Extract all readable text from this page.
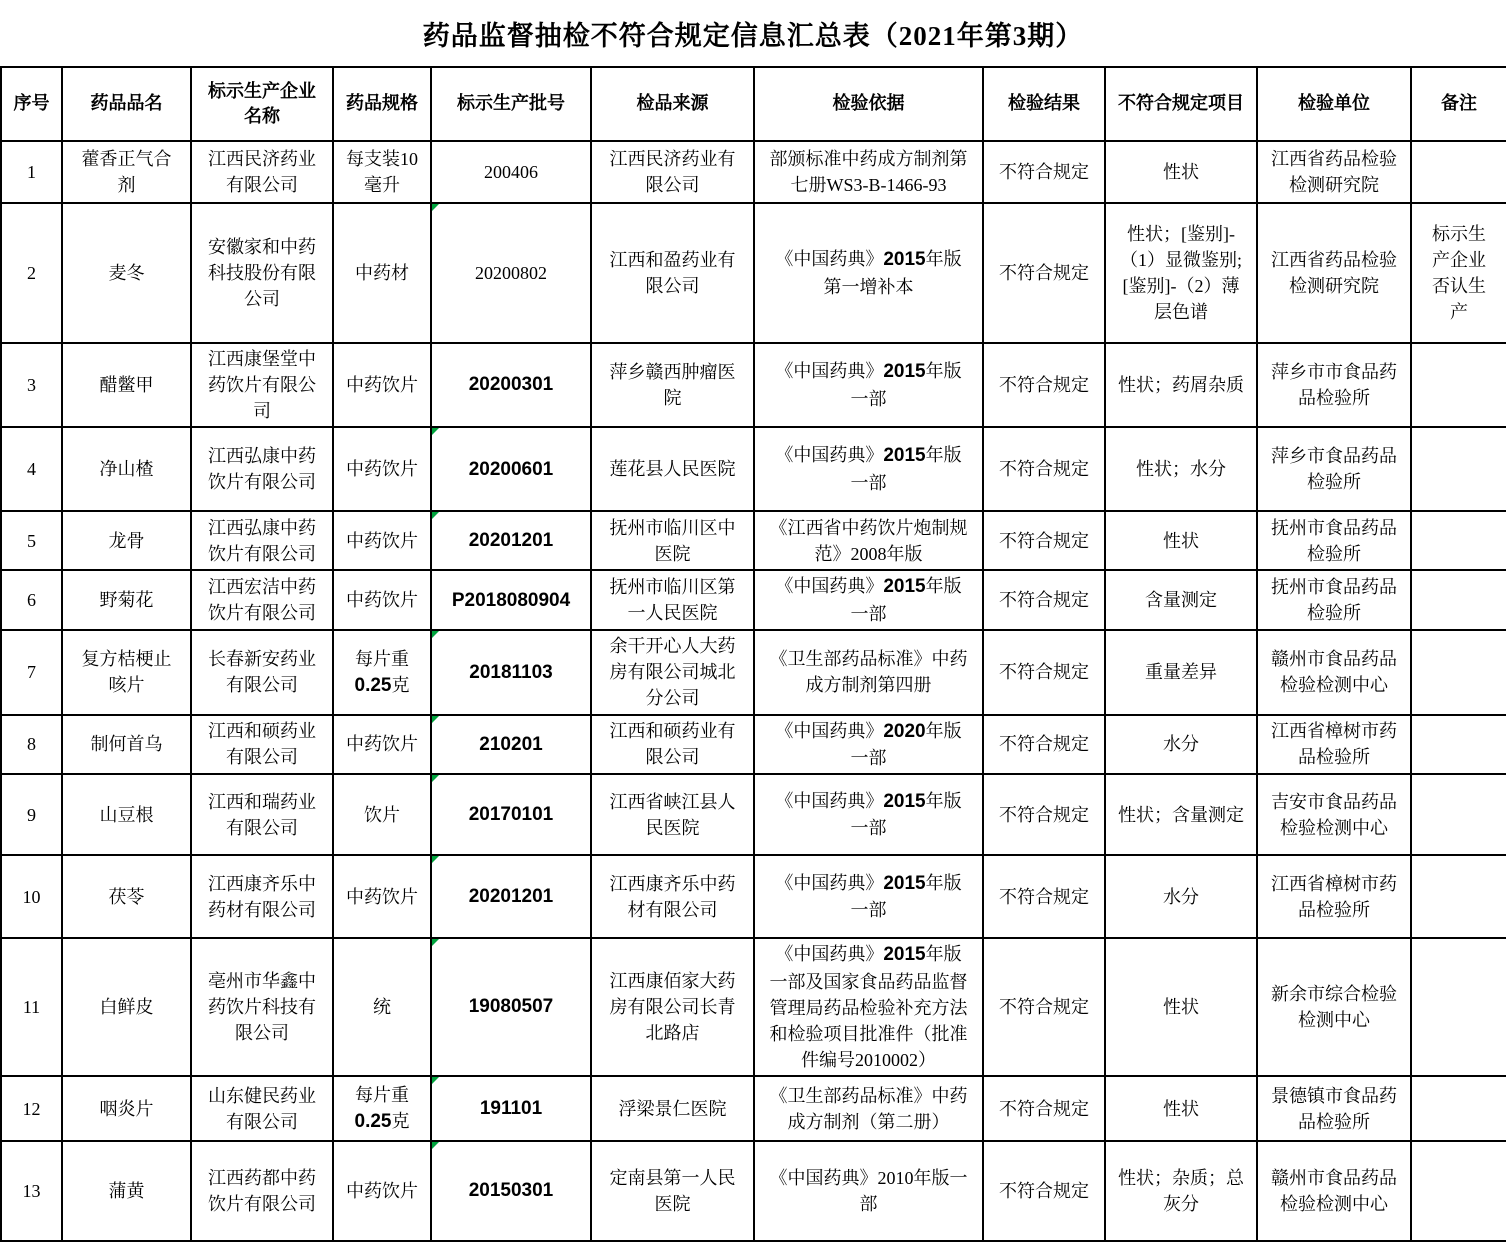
药品监督抽检不符合规定信息汇总表（2021年第3期）
序号	药品品名	标示生产企业名称	药品规格	标示生产批号	检品来源	检验依据	检验结果	不符合规定项目	检验单位	备注
1	藿香正气合剂	江西民济药业有限公司	每支装10毫升	200406	江西民济药业有限公司	部颁标准中药成方制剂第七册WS3-B-1466-93	不符合规定	性状	江西省药品检验检测研究院	
2	麦冬	安徽家和中药科技股份有限公司	中药材	20200802	江西和盈药业有限公司	《中国药典》2015年版第一增补本	不符合规定	性状；[鉴别]-（1）显微鉴别;[鉴别]-（2）薄层色谱	江西省药品检验检测研究院	标示生产企业否认生产
3	醋鳖甲	江西康堡堂中药饮片有限公司	中药饮片	20200301	萍乡赣西肿瘤医院	《中国药典》2015年版一部	不符合规定	性状；药屑杂质	萍乡市市食品药品检验所	
4	净山楂	江西弘康中药饮片有限公司	中药饮片	20200601	莲花县人民医院	《中国药典》2015年版一部	不符合规定	性状；水分	萍乡市食品药品检验所	
5	龙骨	江西弘康中药饮片有限公司	中药饮片	20201201	抚州市临川区中医院	《江西省中药饮片炮制规范》2008年版	不符合规定	性状	抚州市食品药品检验所	
6	野菊花	江西宏洁中药饮片有限公司	中药饮片	P2018080904	抚州市临川区第一人民医院	《中国药典》2015年版一部	不符合规定	含量测定	抚州市食品药品检验所	
7	复方桔梗止咳片	长春新安药业有限公司	每片重0.25克	20181103	余干开心人大药房有限公司城北分公司	《卫生部药品标准》中药成方制剂第四册	不符合规定	重量差异	赣州市食品药品检验检测中心	
8	制何首乌	江西和硕药业有限公司	中药饮片	210201	江西和硕药业有限公司	《中国药典》2020年版一部	不符合规定	水分	江西省樟树市药品检验所	
9	山豆根	江西和瑞药业有限公司	饮片	20170101	江西省峡江县人民医院	《中国药典》2015年版一部	不符合规定	性状；含量测定	吉安市食品药品检验检测中心	
10	茯苓	江西康齐乐中药材有限公司	中药饮片	20201201	江西康齐乐中药材有限公司	《中国药典》2015年版一部	不符合规定	水分	江西省樟树市药品检验所	
11	白鲜皮	亳州市华鑫中药饮片科技有限公司	统	19080507	江西康佰家大药房有限公司长青北路店	《中国药典》2015年版一部及国家食品药品监督管理局药品检验补充方法和检验项目批准件（批准件编号2010002）	不符合规定	性状	新余市综合检验检测中心	
12	咽炎片	山东健民药业有限公司	每片重0.25克	191101	浮梁景仁医院	《卫生部药品标准》中药成方制剂（第二册）	不符合规定	性状	景德镇市食品药品检验所	
13	蒲黄	江西药都中药饮片有限公司	中药饮片	20150301	定南县第一人民医院	《中国药典》2010年版一部	不符合规定	性状；杂质；总灰分	赣州市食品药品检验检测中心	
